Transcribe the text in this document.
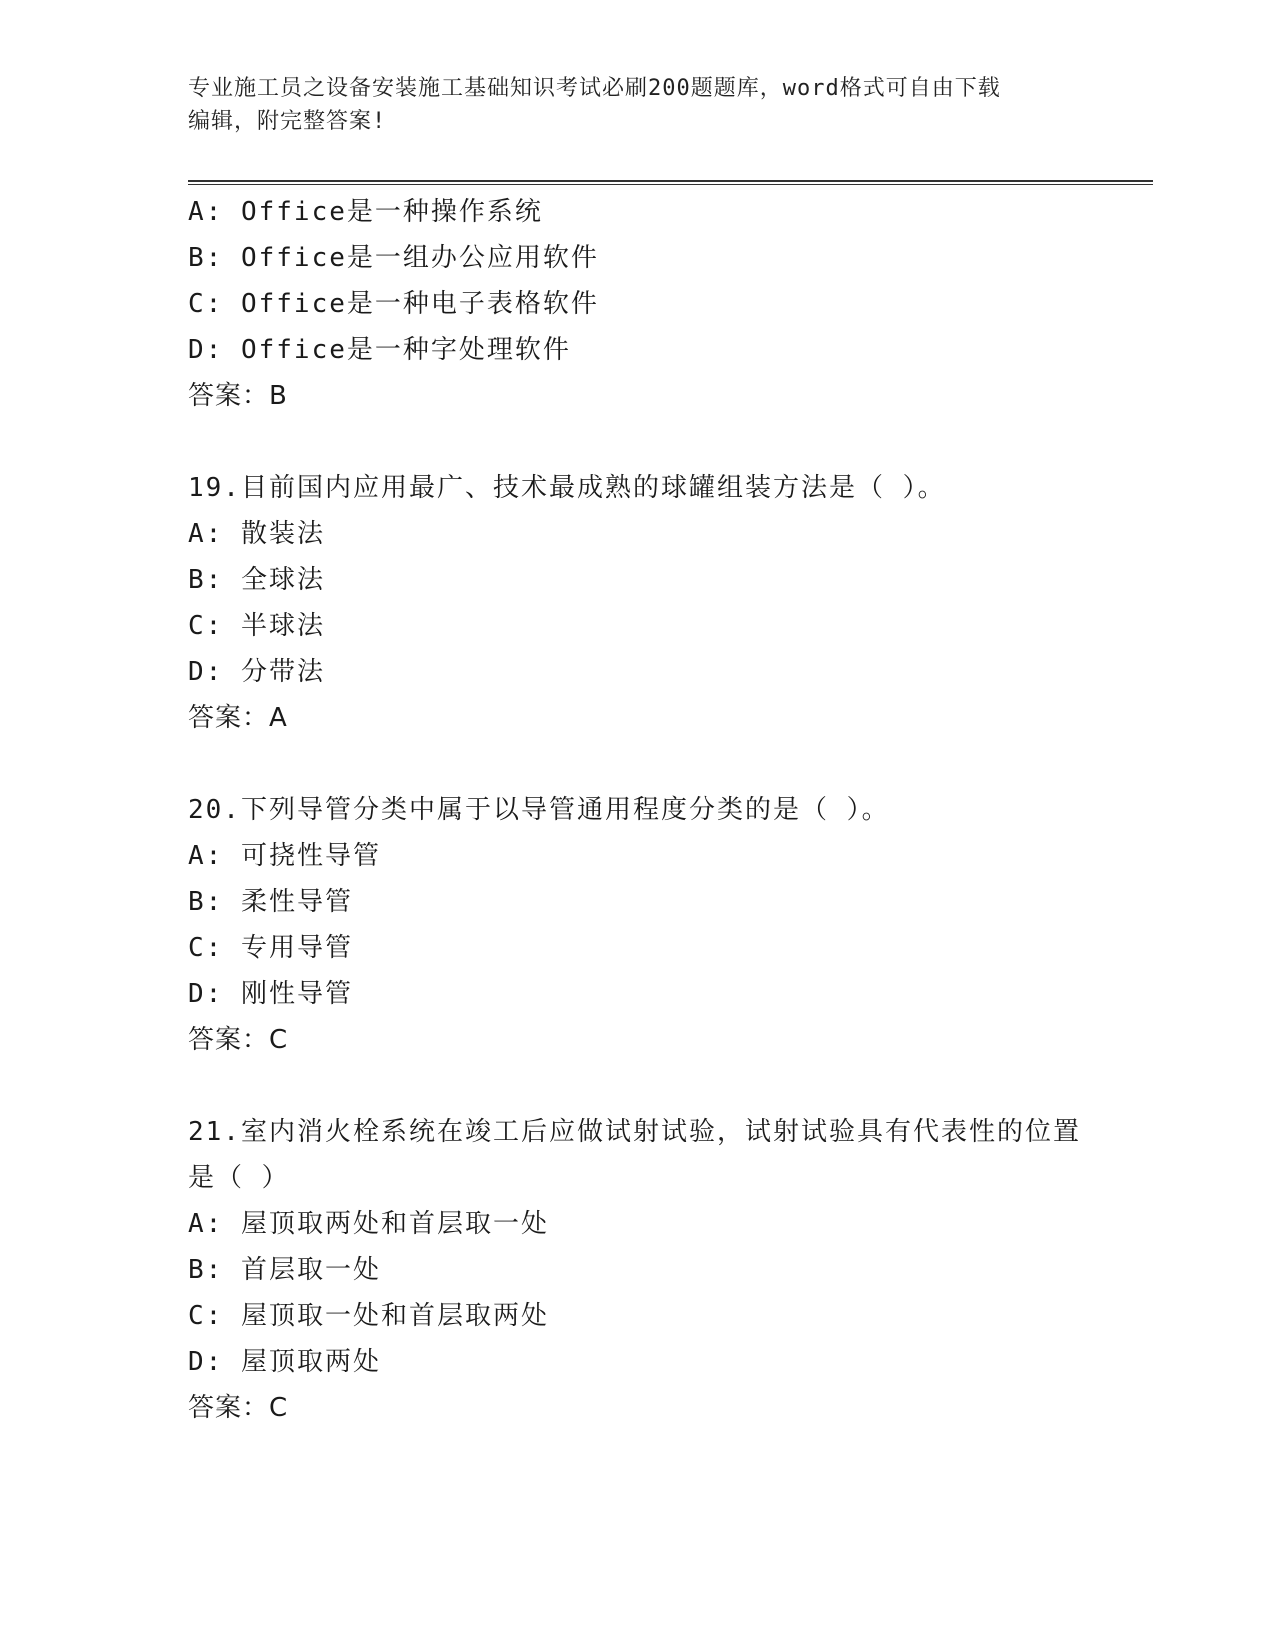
专业施工员之设备安装施工基础知识考试必刷200题题库，word格式可自由下载
编辑，附完整答案!
A: Office是一种操作系统
B: Office是一组办公应用软件
C: Office是一种电子表格软件
D: Office是一种字处理软件
答案：B
19.目前国内应用最广、技术最成熟的球罐组装方法是（ ）。
A: 散装法
B: 全球法
C: 半球法
D: 分带法
答案：A
20.下列导管分类中属于以导管通用程度分类的是（ ）。
A: 可挠性导管
B: 柔性导管
C: 专用导管
D: 刚性导管
答案：C
21.室内消火栓系统在竣工后应做试射试验，试射试验具有代表性的位置是（ ）
A: 屋顶取两处和首层取一处
B: 首层取一处
C: 屋顶取一处和首层取两处
D: 屋顶取两处
答案：C
